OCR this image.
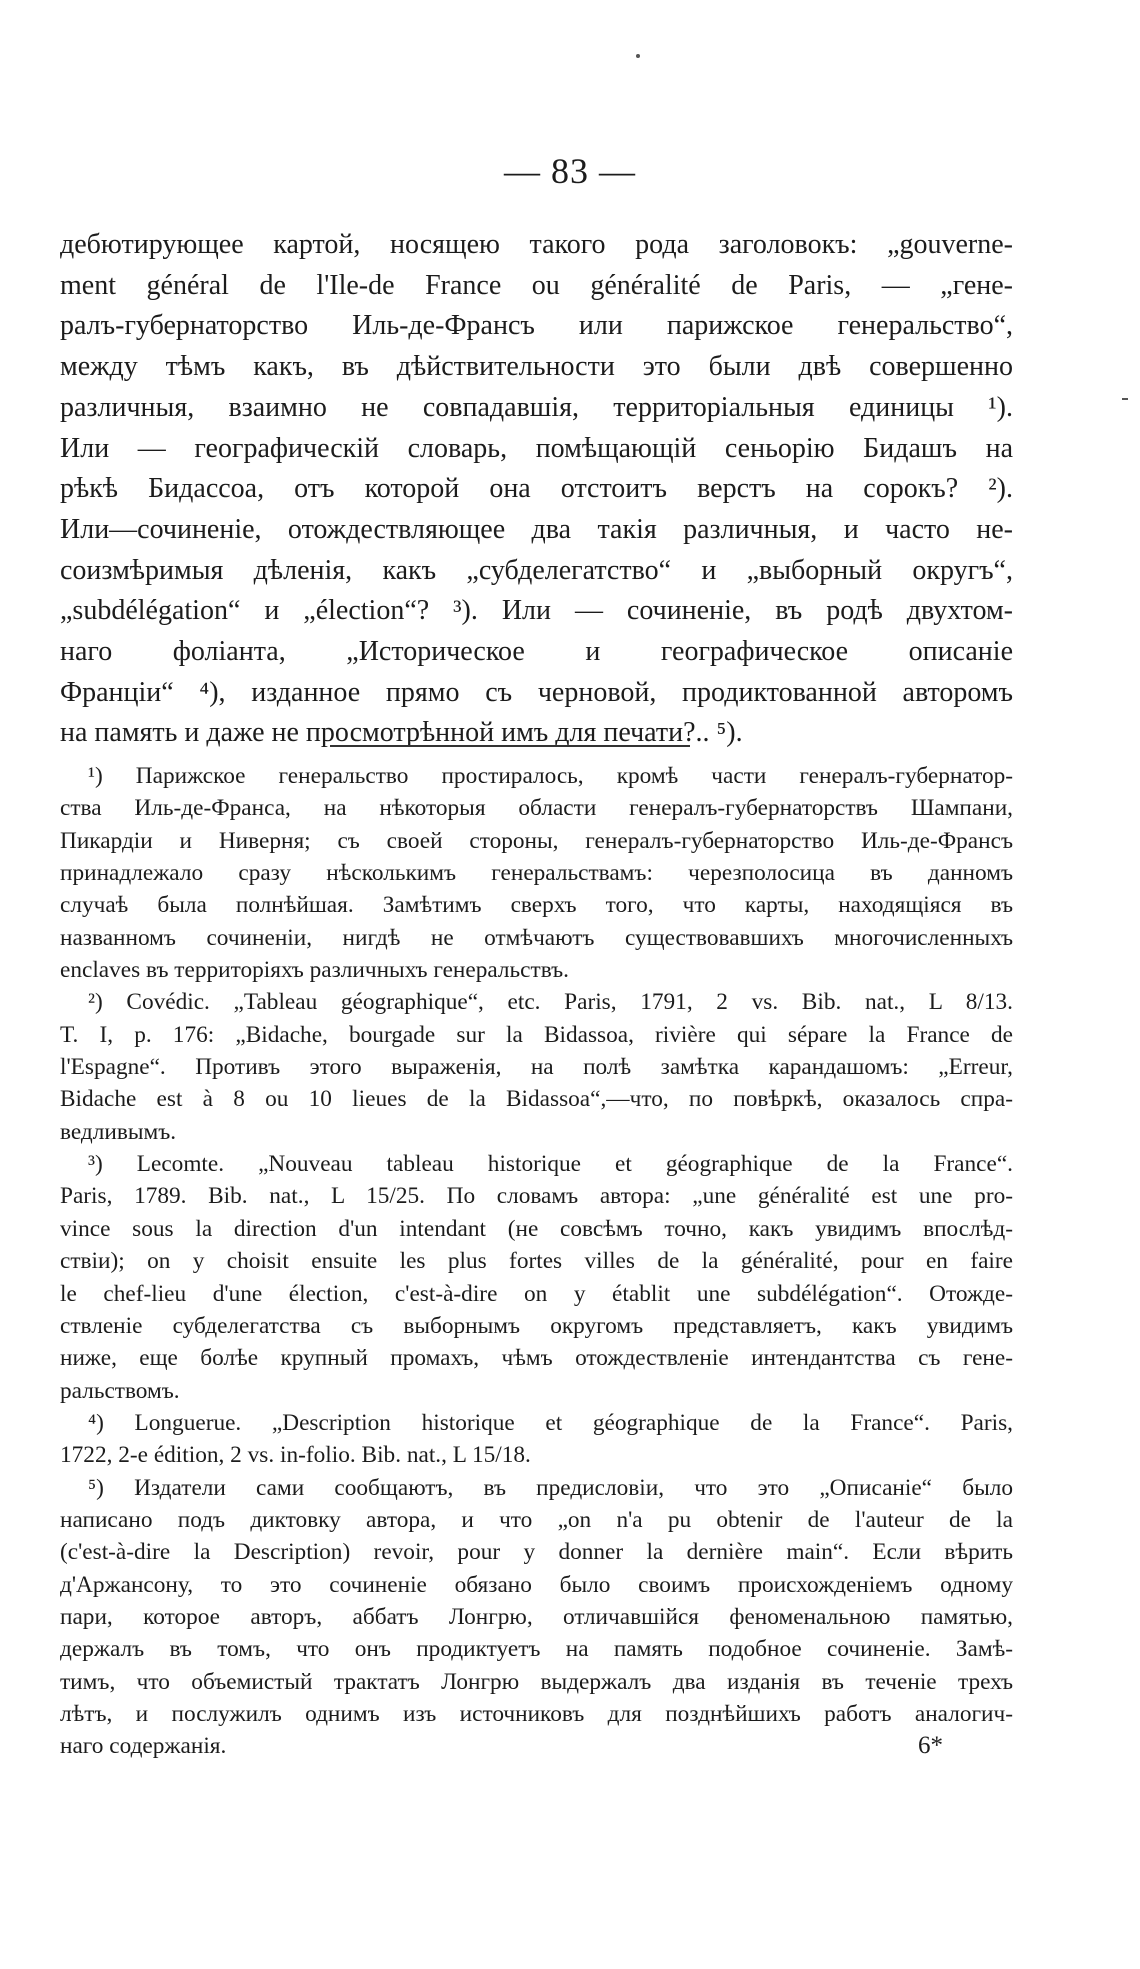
— 83 —
дебютирующее картой, носящею такого рода заголовокъ: „gouverne-
ment général de l'Ile-de France ou généralité de Paris, — „гене-
ралъ-губернаторство Иль-де-Франсъ или парижское генеральство“,
между тѣмъ какъ, въ дѣйствительности это были двѣ совершенно
различныя, взаимно не совпадавшія, территоріальныя единицы ¹).
Или — географическій словарь, помѣщающій сеньорію Бидашъ на
рѣкѣ Бидассоа, отъ которой она отстоитъ верстъ на сорокъ? ²).
Или—сочиненіе, отождествляющее два такія различныя, и часто не-
соизмѣримыя дѣленія, какъ „субделегатство“ и „выборный округъ“,
„subdélégation“ и „élection“? ³). Или — сочиненіе, въ родѣ двухтом-
наго фоліанта, „Историческое и географическое описаніе
Франціи“ ⁴), изданное прямо съ черновой, продиктованной авторомъ
на память и даже не просмотрѣнной имъ для печати?.. ⁵).
¹) Парижское генеральство простиралось, кромѣ части генералъ-губернатор-
ства Иль-де-Франса, на нѣкоторыя области генералъ-губернаторствъ Шампани,
Пикардіи и Ниверня; съ своей стороны, генералъ-губернаторство Иль-де-Франсъ
принадлежало сразу нѣсколькимъ генеральствамъ: черезполосица въ данномъ
случаѣ была полнѣйшая. Замѣтимъ сверхъ того, что карты, находящіяся въ
названномъ сочиненіи, нигдѣ не отмѣчаютъ существовавшихъ многочисленныхъ
enclaves въ территоріяхъ различныхъ генеральствъ.
²) Covédic. „Tableau géographique“, etc. Paris, 1791, 2 vs. Bib. nat., L 8/13.
T. I, p. 176: „Bidache, bourgade sur la Bidassoa, rivière qui sépare la France de
l'Espagne“. Противъ этого выраженія, на полѣ замѣтка карандашомъ: „Erreur,
Bidache est à 8 ou 10 lieues de la Bidassoa“,—что, по повѣркѣ, оказалось спра-
ведливымъ.
³) Lecomte. „Nouveau tableau historique et géographique de la France“.
Paris, 1789. Bib. nat., L 15/25. По словамъ автора: „une généralité est une pro-
vince sous la direction d'un intendant (не совсѣмъ точно, какъ увидимъ впослѣд-
ствіи); on y choisit ensuite les plus fortes villes de la généralité, pour en faire
le chef-lieu d'une élection, c'est-à-dire on y établit une subdélégation“. Отожде-
ствленіе субделегатства съ выборнымъ округомъ представляетъ, какъ увидимъ
ниже, еще болѣе крупный промахъ, чѣмъ отождествленіе интендантства съ гене-
ральствомъ.
⁴) Longuerue. „Description historique et géographique de la France“. Paris,
1722, 2-e édition, 2 vs. in-folio. Bib. nat., L 15/18.
⁵) Издатели сами сообщаютъ, въ предисловіи, что это „Описаніе“ было
написано подъ диктовку автора, и что „on n'a pu obtenir de l'auteur de la
(c'est-à-dire la Description) revoir, pour y donner la dernière main“. Если вѣрить
д'Аржансону, то это сочиненіе обязано было своимъ происхожденіемъ одному
пари, которое авторъ, аббатъ Лонгрю, отличавшійся феноменальною памятью,
держалъ въ томъ, что онъ продиктуетъ на память подобное сочиненіе. Замѣ-
тимъ, что объемистый трактатъ Лонгрю выдержалъ два изданія въ теченіе трехъ
лѣтъ, и послужилъ однимъ изъ источниковъ для позднѣйшихъ работъ аналогич-
наго содержанія.	6*
